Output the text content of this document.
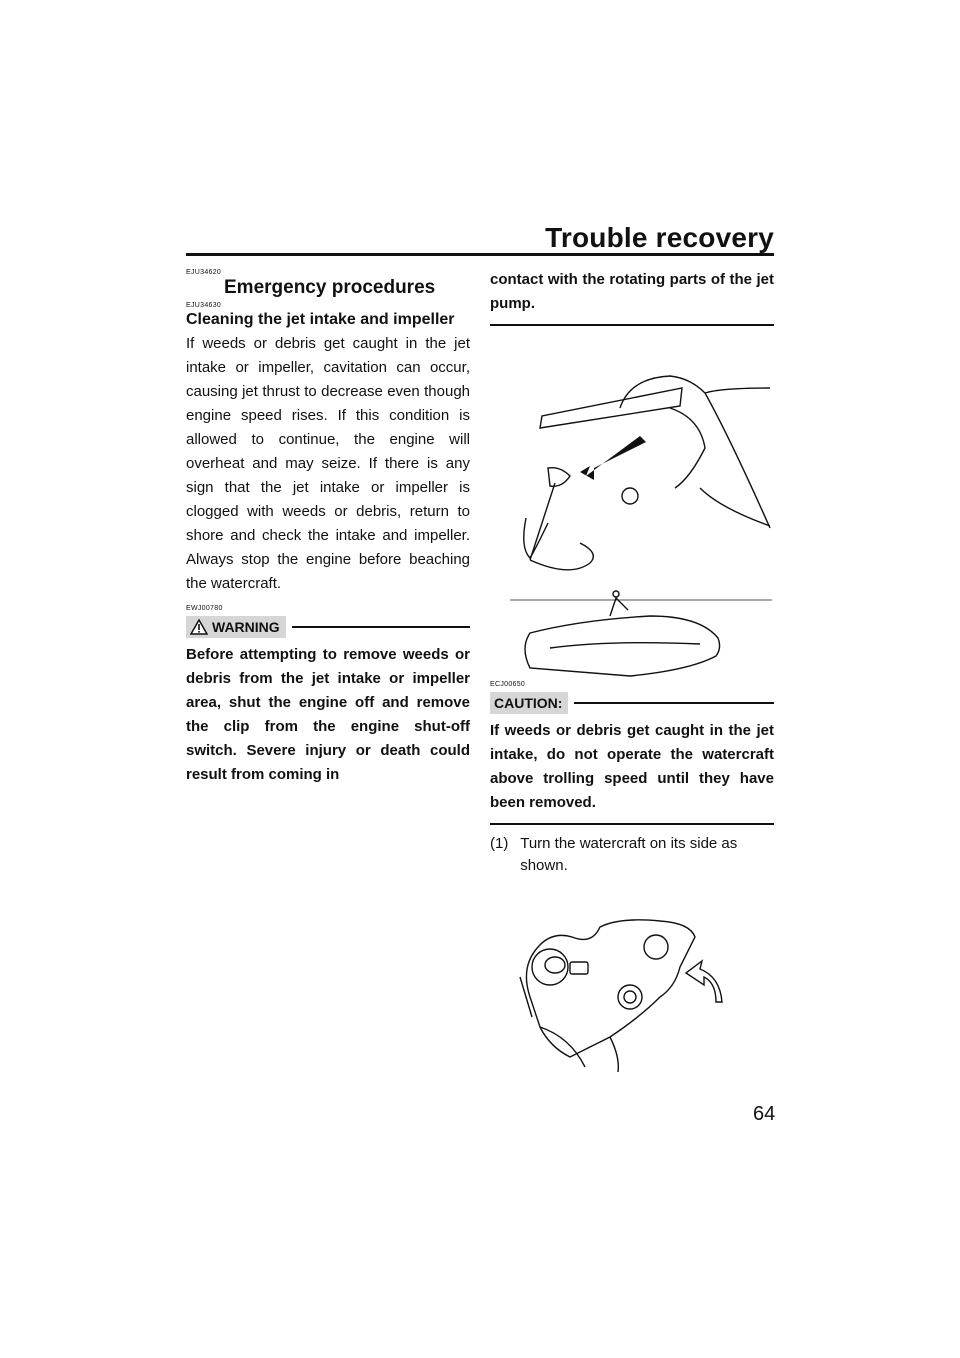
Trouble recovery
EJU34620
Emergency procedures
EJU34630
Cleaning the jet intake and impeller

If weeds or debris get caught in the jet intake or impeller, cavitation can occur, causing jet thrust to decrease even though engine speed rises. If this condition is allowed to continue, the engine will overheat and may seize. If there is any sign that the jet intake or impeller is clogged with weeds or debris, return to shore and check the intake and impeller. Always stop the engine before beaching the watercraft.

EWJ00780
WARNING

Before attempting to remove weeds or debris from the jet intake or impeller area, shut the engine off and remove the clip from the engine shut-off switch. Severe injury or death could result from coming in

contact with the rotating parts of the jet pump.

ECJ00650
CAUTION:

If weeds or debris get caught in the jet intake, do not operate the watercraft above trolling speed until they have been removed.

(1) Turn the watercraft on its side as shown.
64
